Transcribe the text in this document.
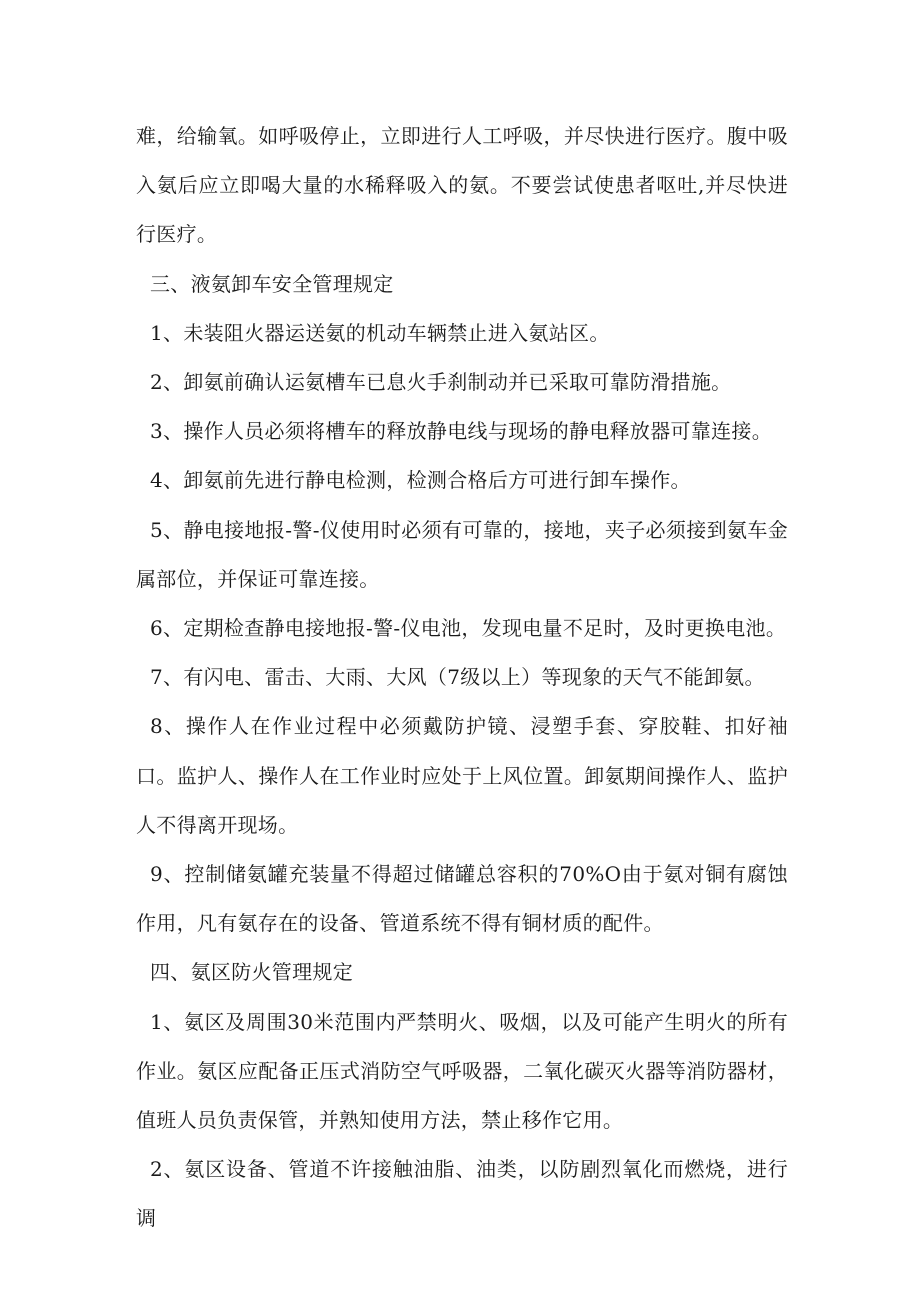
难，给输氧。如呼吸停止，立即进行人工呼吸，并尽快进行医疗。腹中吸入氨后应立即喝大量的水稀释吸入的氨。不要尝试使患者呕吐,并尽快进行医疗。

三、液氨卸车安全管理规定

1、未装阻火器运送氨的机动车辆禁止进入氨站区。

2、卸氨前确认运氨槽车已息火手刹制动并已采取可靠防滑措施。

3、操作人员必须将槽车的释放静电线与现场的静电释放器可靠连接。

4、卸氨前先进行静电检测，检测合格后方可进行卸车操作。

5、静电接地报-警-仪使用时必须有可靠的，接地，夹子必须接到氨车金属部位，并保证可靠连接。

6、定期检查静电接地报-警-仪电池，发现电量不足时，及时更换电池。

7、有闪电、雷击、大雨、大风（7级以上）等现象的天气不能卸氨。

8、操作人在作业过程中必须戴防护镜、浸塑手套、穿胶鞋、扣好袖口。监护人、操作人在工作业时应处于上风位置。卸氨期间操作人、监护人不得离开现场。

9、控制储氨罐充装量不得超过储罐总容积的70%O由于氨对铜有腐蚀作用，凡有氨存在的设备、管道系统不得有铜材质的配件。

四、氨区防火管理规定

1、氨区及周围30米范围内严禁明火、吸烟，以及可能产生明火的所有作业。氨区应配备正压式消防空气呼吸器，二氧化碳灭火器等消防器材，值班人员负责保管，并熟知使用方法，禁止移作它用。

2、氨区设备、管道不许接触油脂、油类，以防剧烈氧化而燃烧，进行调
